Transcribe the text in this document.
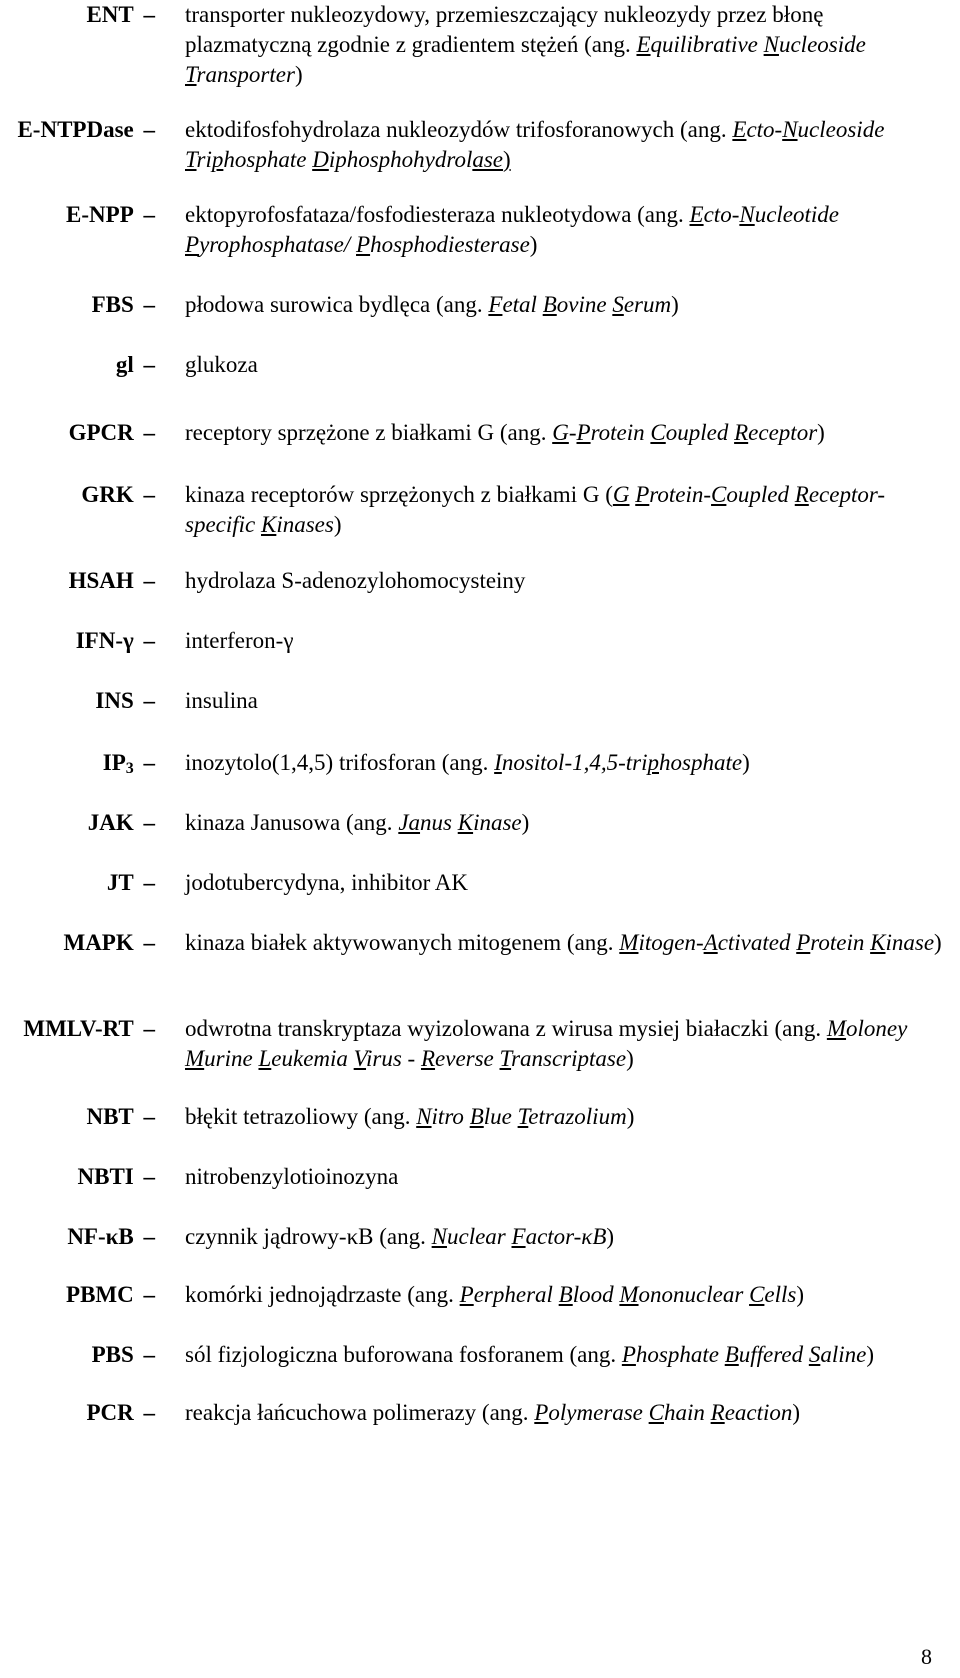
ENT – transporter nukleozydowy, przemieszczający nukleozydy przez błonę plazmatyczną zgodnie z gradientem stężeń (ang. Equilibrative Nucleoside Transporter)
E-NTPDase – ektodifosfohydrolaza nukleozydów trifosforanowych (ang. Ecto-Nucleoside Triphosphate Diphosphohydrolase)
E-NPP – ektopyrofosfataza/fosfodiesteraza nukleotydowa (ang. Ecto-Nucleotide Pyrophosphatase/ Phosphodiesterase)
FBS – płodowa surowica bydlęca (ang. Fetal Bovine Serum)
gl – glukoza
GPCR – receptory sprzężone z białkami G (ang. G-Protein Coupled Receptor)
GRK – kinaza receptorów sprzężonych z białkami G (G Protein-Coupled Receptor-specific Kinases)
HSAH – hydrolaza S-adenozylohomocysteiny
IFN-γ – interferon-γ
INS – insulina
$IP_3$ – inozytolo(1,4,5) trifosforan (ang. Inositol-1,4,5-triphosphate)
JAK – kinaza Janusowa (ang. Janus Kinase)
JT – jodotubercydyna, inhibitor AK
MAPK – kinaza białek aktywowanych mitogenem (ang. Mitogen-Activated Protein Kinase)
MMLV-RT – odwrotna transkryptaza wyizolowana z wirusa mysiej białaczki (ang. Moloney Murine Leukemia Virus - Reverse Transcriptase)
NBT – błękit tetrazoliowy (ang. Nitro Blue Tetrazolium)
NBTI – nitrobenzylotioinozyna
NF-κB – czynnik jądrowy-κB (ang. Nuclear Factor-κB)
PBMC – komórki jednojądrzaste (ang. Perpheral Blood Mononuclear Cells)
PBS – sól fizjologiczna buforowana fosforanem (ang. Phosphate Buffered Saline)
PCR – reakcja łańcuchowa polimerazy (ang. Polymerase Chain Reaction)
8
